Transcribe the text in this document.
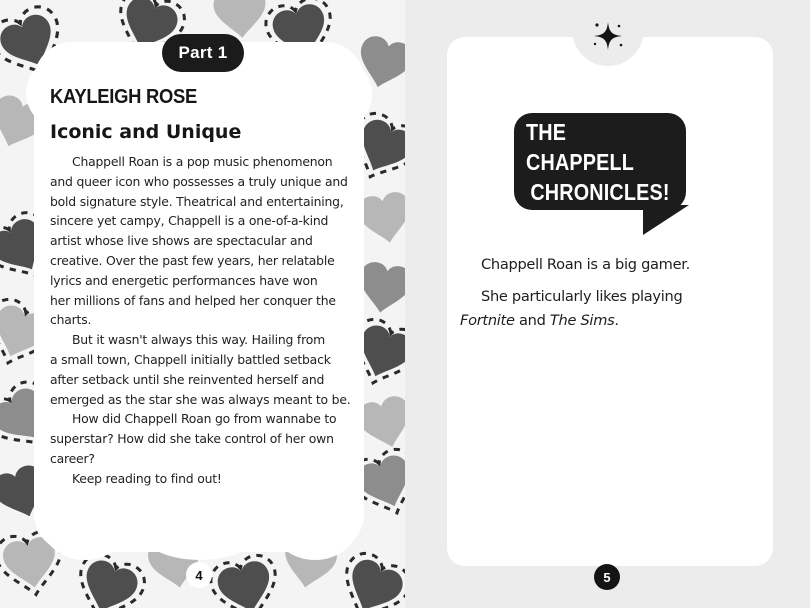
Part 1
KAYLEIGH ROSE
Iconic and Unique
Chappell Roan is a pop music phenomenon
and queer icon who possesses a truly unique and
bold signature style. Theatrical and entertaining,
sincere yet campy, Chappell is a one-of-a-kind
artist whose live shows are spectacular and
creative. Over the past few years, her relatable
lyrics and energetic performances have won
her millions of fans and helped her conquer the
charts.
But it wasn't always this way. Hailing from
a small town, Chappell initially battled setback
after setback until she reinvented herself and
emerged as the star she was always meant to be.
How did Chappell Roan go from wannabe to
superstar? How did she take control of her own
career?
Keep reading to find out!
4
THE CHAPPELL
CHRONICLES!
Chappell Roan is a big gamer.
She particularly likes playing
Fortnite and The Sims.
5
